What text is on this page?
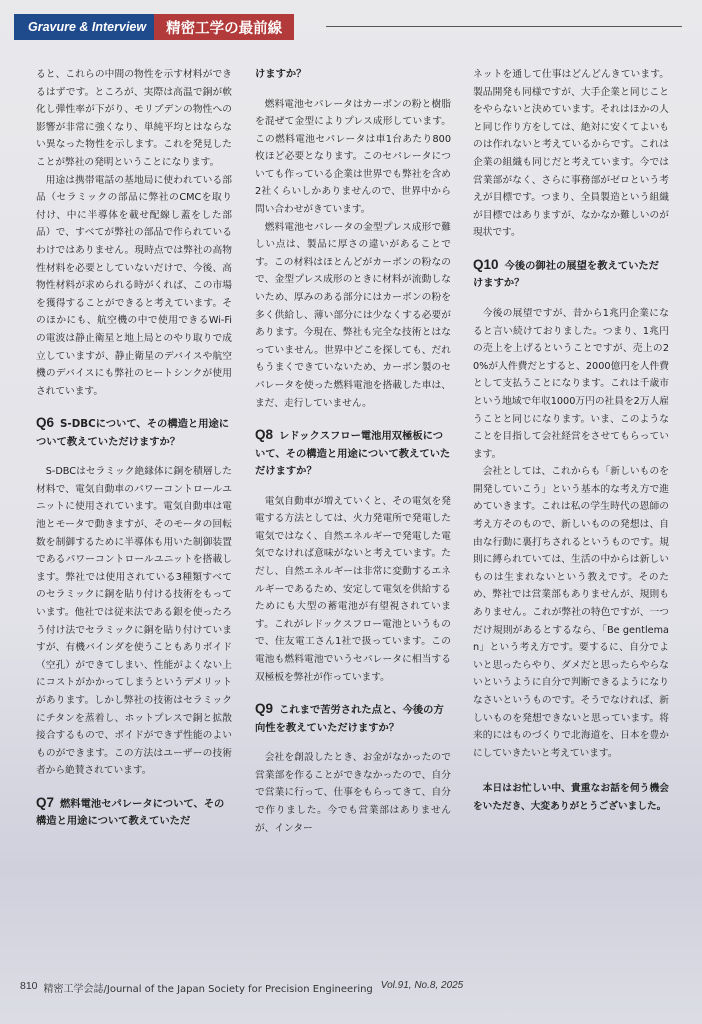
Gravure & Interview	精密工学の最前線

ると、これらの中間の物性を示す材料ができるはずです。ところが、実際は高温で銅が軟化し弾性率が下がり、モリブデンの物性への影響が非常に強くなり、単純平均とはならない異なった物性を示します。これを発見したことが弊社の発明ということになります。

用途は携帯電話の基地局に使われている部品（セラミックの部品に弊社のCMCを取り付け、中に半導体を載せ配線し蓋をした部品）で、すべてが弊社の部品で作られているわけではありません。現時点では弊社の高物性材料を必要としていないだけで、今後、高物性材料が求められる時がくれば、この市場を獲得することができると考えています。そのほかにも、航空機の中で使用できるWi-Fiの電波は静止衛星と地上局とのやり取りで成立していますが、静止衛星のデバイスや航空機のデバイスにも弊社のヒートシンクが使用されています。

Q6 S-DBCについて、その構造と用途について教えていただけますか？

S-DBCはセラミック絶縁体に銅を積層した材料で、電気自動車のパワーコントロールユニットに使用されています。電気自動車は電池とモータで動きますが、そのモータの回転数を制御するために半導体も用いた制御装置であるパワーコントロールユニットを搭載します。弊社では使用されている3種類すべてのセラミックに銅を貼り付ける技術をもっています。他社では従来法である銀を使ったろう付け法でセラミックに銅を貼り付けていますが、有機バインダを使うこともありボイド（空孔）ができてしまい、性能がよくない上にコストがかかってしまうというデメリットがあります。しかし弊社の技術はセラミックにチタンを蒸着し、ホットプレスで銅と拡散接合するもので、ボイドができず性能のよいものができます。この方法はユーザーの技術者から絶賛されています。

Q7 燃料電池セパレータについて、その構造と用途について教えていただ
けますか？

燃料電池セパレータはカーボンの粉と樹脂を混ぜて金型によりプレス成形しています。この燃料電池セパレータは車1台あたり800枚ほど必要となります。このセパレータについても作っている企業は世界でも弊社を含め2社くらいしかありませんので、世界中から問い合わせがきています。

燃料電池セパレータの金型プレス成形で難しい点は、製品に厚さの違いがあることです。この材料はほとんどがカーボンの粉なので、金型プレス成形のときに材料が流動しないため、厚みのある部分にはカーボンの粉を多く供給し、薄い部分には少なくする必要があります。今現在、弊社も完全な技術とはなっていません。世界中どこを探しても、だれもうまくできていないため、カーボン製のセパレータを使った燃料電池を搭載した車は、まだ、走行していません。

Q8 レドックスフロー電池用双極板について、その構造と用途について教えていただけますか？

電気自動車が増えていくと、その電気を発電する方法としては、火力発電所で発電した電気ではなく、自然エネルギーで発電した電気でなければ意味がないと考えています。ただし、自然エネルギーは非常に変動するエネルギーであるため、安定して電気を供給するためにも大型の蓄電池が有望視されています。これがレドックスフロー電池というもので、住友電工さん1社で扱っています。この電池も燃料電池でいうセパレータに相当する双極板を弊社が作っています。

Q9 これまで苦労された点と、今後の方向性を教えていただけますか？

会社を創設したとき、お金がなかったので営業部を作ることができなかったので、自分で営業に行って、仕事をもらってきて、自分で作りました。今でも営業部はありませんが、インター

ネットを通して仕事はどんどんきています。製品開発も同様ですが、大手企業と同じことをやらないと決めています。それはほかの人と同じ作り方をしては、絶対に安くてよいものは作れないと考えているからです。これは企業の組織も同じだと考えています。今では営業部がなく、さらに事務部がゼロという考えが目標です。つまり、全員製造という組織が目標ではありますが、なかなか難しいのが現状です。

Q10 今後の御社の展望を教えていただけますか？

今後の展望ですが、昔から1兆円企業になると言い続けておりました。つまり、1兆円の売上を上げるということですが、売上の20%が人件費だとすると、2000億円を人件費として支払うことになります。これは千歳市という地域で年収1000万円の社員を2万人雇うことと同じになります。いま、このようなことを目指して会社経営をさせてもらっています。

会社としては、これからも「新しいものを開発していこう」という基本的な考え方で進めていきます。これは私の学生時代の恩師の考え方そのもので、新しいものの発想は、自由な行動に裏打ちされるというものです。規則に縛られていては、生活の中からは新しいものは生まれないという教えです。そのため、弊社では営業部もありませんが、規則もありません。これが弊社の特色ですが、一つだけ規則があるとするなら、「Be gentleman」という考え方です。要するに、自分でよいと思ったらやり、ダメだと思ったらやらないというように自分で判断できるようになりなさいというものです。そうでなければ、新しいものを発想できないと思っています。将来的にはものづくりで北海道を、日本を豊かにしていきたいと考えています。

本日はお忙しい中、貴重なお話を伺う機会をいただき、大変ありがとうございました。

810 精密工学会誌/Journal of the Japan Society for Precision Engineering Vol.91, No.8, 2025
